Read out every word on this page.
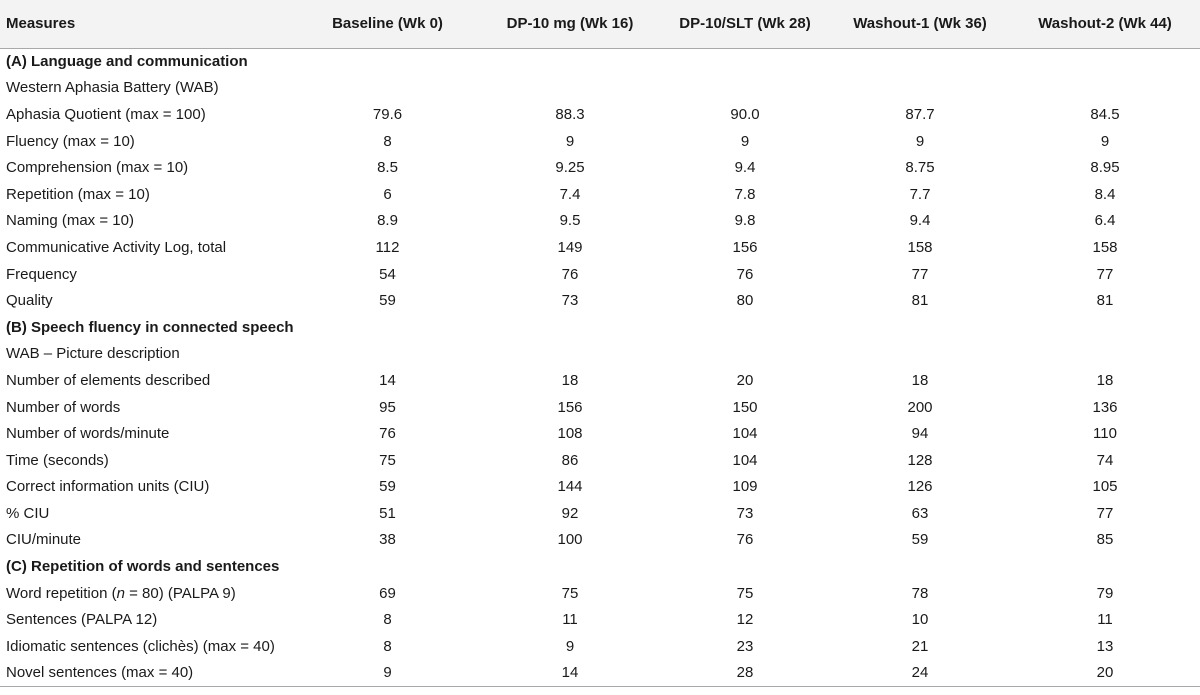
Measures	Baseline (Wk 0)	DP-10 mg (Wk 16)	DP-10/SLT (Wk 28)	Washout-1 (Wk 36)	Washout-2 (Wk 44)
(A) Language and communication					
Western Aphasia Battery (WAB)					
Aphasia Quotient (max = 100)	79.6	88.3	90.0	87.7	84.5
Fluency (max = 10)	8	9	9	9	9
Comprehension (max = 10)	8.5	9.25	9.4	8.75	8.95
Repetition (max = 10)	6	7.4	7.8	7.7	8.4
Naming (max = 10)	8.9	9.5	9.8	9.4	6.4
Communicative Activity Log, total	112	149	156	158	158
Frequency	54	76	76	77	77
Quality	59	73	80	81	81
(B) Speech fluency in connected speech					
WAB – Picture description					
Number of elements described	14	18	20	18	18
Number of words	95	156	150	200	136
Number of words/minute	76	108	104	94	110
Time (seconds)	75	86	104	128	74
Correct information units (CIU)	59	144	109	126	105
% CIU	51	92	73	63	77
CIU/minute	38	100	76	59	85
(C) Repetition of words and sentences					
Word repetition (n = 80) (PALPA 9)	69	75	75	78	79
Sentences (PALPA 12)	8	11	12	10	11
Idiomatic sentences (clichès) (max = 40)	8	9	23	21	13
Novel sentences (max = 40)	9	14	28	24	20
